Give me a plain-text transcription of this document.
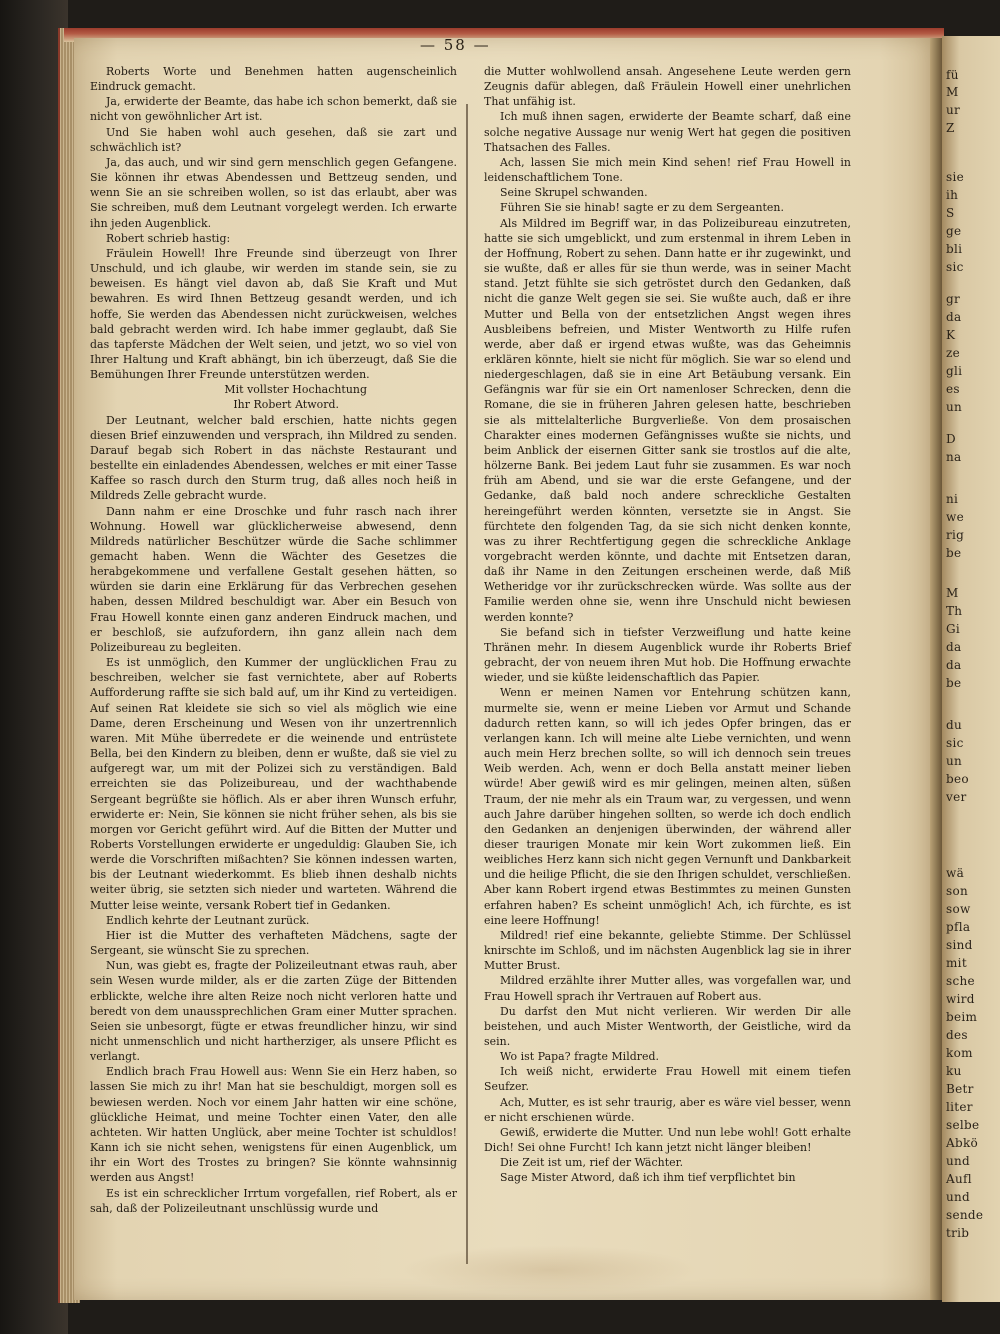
fü
M
ur
Z
sie
ih
S
ge
bli
sic
gr
da
K
ze
gli
es
un
D
na
ni
we
rig
be
M
Th
Gi
da
da
be
du
sic
un
beo
ver
wä
son
sow
pfla
sind
mit
sche
wird
beim
des
kom
ku
Betr
liter
selbe
Abkö
und
Aufl
und
sende
trib
— 58 —

Roberts Worte und Benehmen hatten augenscheinlich Eindruck gemacht.

Ja, erwiderte der Beamte, das habe ich schon bemerkt, daß sie nicht von gewöhnlicher Art ist.

Und Sie haben wohl auch gesehen, daß sie zart und schwächlich ist?

Ja, das auch, und wir sind gern menschlich gegen Gefangene. Sie können ihr etwas Abendessen und Bettzeug senden, und wenn Sie an sie schreiben wollen, so ist das erlaubt, aber was Sie schreiben, muß dem Leutnant vorgelegt werden. Ich erwarte ihn jeden Augenblick.

Robert schrieb hastig:

Fräulein Howell! Ihre Freunde sind überzeugt von Ihrer Unschuld, und ich glaube, wir werden im stande sein, sie zu beweisen. Es hängt viel davon ab, daß Sie Kraft und Mut bewahren. Es wird Ihnen Bettzeug gesandt werden, und ich hoffe, Sie werden das Abendessen nicht zurückweisen, welches bald gebracht werden wird. Ich habe immer geglaubt, daß Sie das tapferste Mädchen der Welt seien, und jetzt, wo so viel von Ihrer Haltung und Kraft abhängt, bin ich überzeugt, daß Sie die Bemühungen Ihrer Freunde unterstützen werden.

Mit vollster Hochachtung

Ihr Robert Atword.

Der Leutnant, welcher bald erschien, hatte nichts gegen diesen Brief einzuwenden und versprach, ihn Mildred zu senden. Darauf begab sich Robert in das nächste Restaurant und bestellte ein einladendes Abendessen, welches er mit einer Tasse Kaffee so rasch durch den Sturm trug, daß alles noch heiß in Mildreds Zelle gebracht wurde.

Dann nahm er eine Droschke und fuhr rasch nach ihrer Wohnung. Howell war glücklicherweise abwesend, denn Mildreds natürlicher Beschützer würde die Sache schlimmer gemacht haben. Wenn die Wächter des Gesetzes die herabgekommene und verfallene Gestalt gesehen hätten, so würden sie darin eine Erklärung für das Verbrechen gesehen haben, dessen Mildred beschuldigt war. Aber ein Besuch von Frau Howell konnte einen ganz anderen Eindruck machen, und er beschloß, sie aufzufordern, ihn ganz allein nach dem Polizeibureau zu begleiten.

Es ist unmöglich, den Kummer der unglücklichen Frau zu beschreiben, welcher sie fast vernichtete, aber auf Roberts Aufforderung raffte sie sich bald auf, um ihr Kind zu verteidigen. Auf seinen Rat kleidete sie sich so viel als möglich wie eine Dame, deren Erscheinung und Wesen von ihr unzertrennlich waren. Mit Mühe überredete er die weinende und entrüstete Bella, bei den Kindern zu bleiben, denn er wußte, daß sie viel zu aufgeregt war, um mit der Polizei sich zu verständigen. Bald erreichten sie das Polizeibureau, und der wachthabende Sergeant begrüßte sie höflich. Als er aber ihren Wunsch erfuhr, erwiderte er: Nein, Sie können sie nicht früher sehen, als bis sie morgen vor Gericht geführt wird. Auf die Bitten der Mutter und Roberts Vorstellungen erwiderte er ungeduldig: Glauben Sie, ich werde die Vorschriften mißachten? Sie können indessen warten, bis der Leutnant wiederkommt. Es blieb ihnen deshalb nichts weiter übrig, sie setzten sich nieder und warteten. Während die Mutter leise weinte, versank Robert tief in Gedanken.

Endlich kehrte der Leutnant zurück.

Hier ist die Mutter des verhafteten Mädchens, sagte der Sergeant, sie wünscht Sie zu sprechen.

Nun, was giebt es, fragte der Polizeileutnant etwas rauh, aber sein Wesen wurde milder, als er die zarten Züge der Bittenden erblickte, welche ihre alten Reize noch nicht verloren hatte und beredt von dem unaussprechlichen Gram einer Mutter sprachen. Seien sie unbesorgt, fügte er etwas freundlicher hinzu, wir sind nicht unmenschlich und nicht hartherziger, als unsere Pflicht es verlangt.

Endlich brach Frau Howell aus: Wenn Sie ein Herz haben, so lassen Sie mich zu ihr! Man hat sie beschuldigt, morgen soll es bewiesen werden. Noch vor einem Jahr hatten wir eine schöne, glückliche Heimat, und meine Tochter einen Vater, den alle achteten. Wir hatten Unglück, aber meine Tochter ist schuldlos! Kann ich sie nicht sehen, wenigstens für einen Augenblick, um ihr ein Wort des Trostes zu bringen? Sie könnte wahnsinnig werden aus Angst!

Es ist ein schrecklicher Irrtum vorgefallen, rief Robert, als er sah, daß der Polizeileutnant unschlüssig wurde und

die Mutter wohlwollend ansah. Angesehene Leute werden gern Zeugnis dafür ablegen, daß Fräulein Howell einer unehrlichen That unfähig ist.

Ich muß ihnen sagen, erwiderte der Beamte scharf, daß eine solche negative Aussage nur wenig Wert hat gegen die positiven Thatsachen des Falles.

Ach, lassen Sie mich mein Kind sehen! rief Frau Howell in leidenschaftlichem Tone.

Seine Skrupel schwanden.

Führen Sie sie hinab! sagte er zu dem Sergeanten.

Als Mildred im Begriff war, in das Polizeibureau einzutreten, hatte sie sich umgeblickt, und zum erstenmal in ihrem Leben in der Hoffnung, Robert zu sehen. Dann hatte er ihr zugewinkt, und sie wußte, daß er alles für sie thun werde, was in seiner Macht stand. Jetzt fühlte sie sich getröstet durch den Gedanken, daß nicht die ganze Welt gegen sie sei. Sie wußte auch, daß er ihre Mutter und Bella von der entsetzlichen Angst wegen ihres Ausbleibens befreien, und Mister Wentworth zu Hilfe rufen werde, aber daß er irgend etwas wußte, was das Geheimnis erklären könnte, hielt sie nicht für möglich. Sie war so elend und niedergeschlagen, daß sie in eine Art Betäubung versank. Ein Gefängnis war für sie ein Ort namenloser Schrecken, denn die Romane, die sie in früheren Jahren gelesen hatte, beschrieben sie als mittelalterliche Burgverließe. Von dem prosaischen Charakter eines modernen Gefängnisses wußte sie nichts, und beim Anblick der eisernen Gitter sank sie trostlos auf die alte, hölzerne Bank. Bei jedem Laut fuhr sie zusammen. Es war noch früh am Abend, und sie war die erste Gefangene, und der Gedanke, daß bald noch andere schreckliche Gestalten hereingeführt werden könnten, versetzte sie in Angst. Sie fürchtete den folgenden Tag, da sie sich nicht denken konnte, was zu ihrer Rechtfertigung gegen die schreckliche Anklage vorgebracht werden könnte, und dachte mit Entsetzen daran, daß ihr Name in den Zeitungen erscheinen werde, daß Miß Wetheridge vor ihr zurückschrecken würde. Was sollte aus der Familie werden ohne sie, wenn ihre Unschuld nicht bewiesen werden konnte?

Sie befand sich in tiefster Verzweiflung und hatte keine Thränen mehr. In diesem Augenblick wurde ihr Roberts Brief gebracht, der von neuem ihren Mut hob. Die Hoffnung erwachte wieder, und sie küßte leidenschaftlich das Papier.

Wenn er meinen Namen vor Entehrung schützen kann, murmelte sie, wenn er meine Lieben vor Armut und Schande dadurch retten kann, so will ich jedes Opfer bringen, das er verlangen kann. Ich will meine alte Liebe vernichten, und wenn auch mein Herz brechen sollte, so will ich dennoch sein treues Weib werden. Ach, wenn er doch Bella anstatt meiner lieben würde! Aber gewiß wird es mir gelingen, meinen alten, süßen Traum, der nie mehr als ein Traum war, zu vergessen, und wenn auch Jahre darüber hingehen sollten, so werde ich doch endlich den Gedanken an denjenigen überwinden, der während aller dieser traurigen Monate mir kein Wort zukommen ließ. Ein weibliches Herz kann sich nicht gegen Vernunft und Dankbarkeit und die heilige Pflicht, die sie den Ihrigen schuldet, verschließen. Aber kann Robert irgend etwas Bestimmtes zu meinen Gunsten erfahren haben? Es scheint unmöglich! Ach, ich fürchte, es ist eine leere Hoffnung!

Mildred! rief eine bekannte, geliebte Stimme. Der Schlüssel knirschte im Schloß, und im nächsten Augenblick lag sie in ihrer Mutter Brust.

Mildred erzählte ihrer Mutter alles, was vorgefallen war, und Frau Howell sprach ihr Vertrauen auf Robert aus.

Du darfst den Mut nicht verlieren. Wir werden Dir alle beistehen, und auch Mister Wentworth, der Geistliche, wird da sein.

Wo ist Papa? fragte Mildred.

Ich weiß nicht, erwiderte Frau Howell mit einem tiefen Seufzer.

Ach, Mutter, es ist sehr traurig, aber es wäre viel besser, wenn er nicht erschienen würde.

Gewiß, erwiderte die Mutter. Und nun lebe wohl! Gott erhalte Dich! Sei ohne Furcht! Ich kann jetzt nicht länger bleiben!

Die Zeit ist um, rief der Wächter.

Sage Mister Atword, daß ich ihm tief verpflichtet bin
